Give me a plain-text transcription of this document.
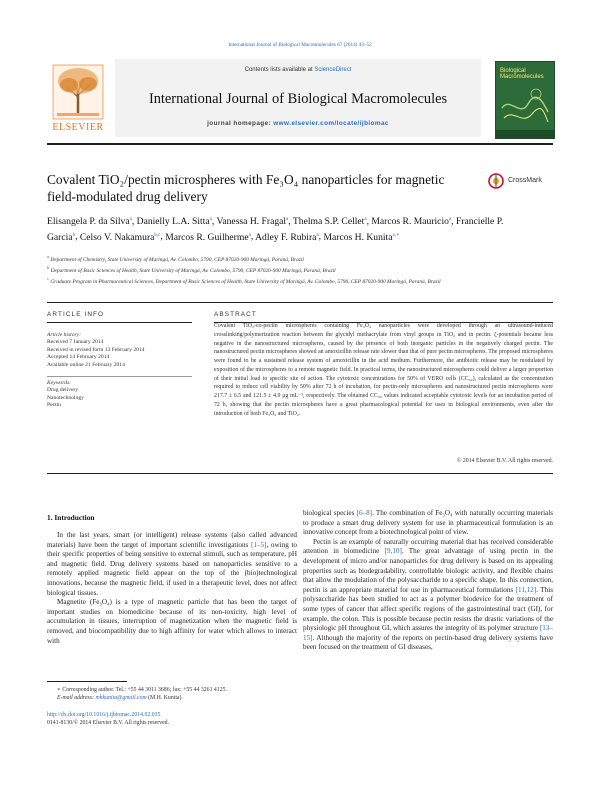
International Journal of Biological Macromolecules 67 (2014) 43–52
ELSEVIER
Contents lists available at ScienceDirect
International Journal of Biological Macromolecules
journal homepage: www.elsevier.com/locate/ijbiomac
Biological Macromolecules
Covalent TiO₂/pectin microspheres with Fe₃O₄ nanoparticles for magnetic field-modulated drug delivery
CrossMark
Elisangela P. da Silva$^a$, Danielly L.A. Sitta$^a$, Vanessa H. Fragal$^a$, Thelma S.P. Cellet$^a$, Marcos R. Mauricio$^a$, Francielle P. Garcia$^b$, Celso V. Nakamura$^{b,c}$, Marcos R. Guilherme$^a$, Adley F. Rubira$^a$, Marcos H. Kunita$^{a,∗}$
$^a$ Department of Chemistry, State University of Maringá, Av. Colombo, 5790, CEP 87020-900 Maringá, Paraná, Brazil
$^b$ Department of Basic Sciences of Health, State University of Maringá, Av. Colombo, 5790, CEP 87020-900 Maringá, Paraná, Brazil
$^c$ Graduate Program in Pharmaceutical Sciences, Department of Basic Sciences of Health, State University of Maringá, Av. Colombo, 5790, CEP 87020-900 Maringá, Paraná, Brazil
ARTICLE INFO	ABSTRACT
Article history:
Received 7 January 2014
Received in revised form 13 February 2014
Accepted 14 February 2014
Available online 21 February 2014
Keywords:
Drug delivery
Nanotechnology
Pectin
Covalent TiO₂-co-pectin microspheres containing Fe₃O₄ nanoparticles were developed through an ultrasound-induced crosslinking/polymerization reaction between the glycidyl methacrylate from vinyl groups in TiO₂ and in pectin. ζ-potentials became less negative in the nanostructured microspheres, caused by the presence of both inorganic particles in the negatively charged pectin. The nanostructured pectin microspheres showed an amoxicillin release rate slower than that of pure pectin microspheres. The proposed microspheres were found to be a sustained release system of amoxicillin in the acid medium. Furthermore, the antibiotic release may be modulated by exposition of the microspheres to a remote magnetic field. In practical terms, the nanostructured microspheres could deliver a larger proportion of their initial load to specific site of action. The cytotoxic concentrations for 50% of VERO cells (CC₅₀), calculated as the concentration required to reduce cell viability by 50% after 72 h of incubation, for pectin-only microspheres and nanostructured pectin microspheres were 217.7 ± 6.5 and 121.5 ± 4.9 μg mL⁻¹, respectively. The obtained CC₅₀ values indicated acceptable cytotoxic levels for an incubation period of 72 h, showing that the pectin microspheres have a great pharmacological potential for uses in biological environments, even after the introduction of both Fe₃O₄ and TiO₂.
© 2014 Elsevier B.V. All rights reserved.
1. Introduction

In the last years, smart (or intelligent) release systems (also called advanced materials) have been the target of important scientific investigations [1–5], owing to their specific properties of being sensitive to external stimuli, such as temperature, pH and magnetic field. Drug delivery systems based on nanoparticles sensitive to a remotely applied magnetic field appear on the top of the (bio)technological innovations, because the magnetic field, if used in a therapeutic level, does not affect biological tissues.

Magnetite (Fe₃O₄) is a type of magnetic particle that has been the target of important studies on biomedicine because of its non-toxicity, high level of accumulation in tissues, interruption of magnetization when the magnetic field is removed, and biocompatibility due to high affinity for water which allows to interact with

biological species [6–8]. The combination of Fe₃O₄ with naturally occurring materials to produce a smart drug delivery system for use in pharmaceutical formulation is an innovative concept from a biotechnological point of view.

Pectin is an example of naturally occurring material that has received considerable attention in biomedicine [9,10]. The great advantage of using pectin in the development of micro and/or nanoparticles for drug delivery is based on its appealing properties such as biodegradability, controllable biologic activity, and flexible chains that allow the modulation of the polysaccharide to a specific shape. In this connection, pectin is an appropriate material for use in pharmaceutical formulations [11,12]. This polysaccharide has been studied to act as a polymer biodevice for the treatment of some types of cancer that affect specific regions of the gastrointestinal tract (GI), for example, the colon. This is possible because pectin resists the drastic variations of the physiologic pH throughout GI, which assures the integrity of its polymer structure [13–15]. Although the majority of the reports on pectin-based drug delivery systems have been focused on the treatment of GI diseases,

∗ Corresponding author. Tel.: +55 44 3011 3686; fax: +55 44 3261 4125.
E-mail address: mhkunita@gmail.com (M.H. Kunita).
http://dx.doi.org/10.1016/j.ijbiomac.2014.02.035
0141-8130/© 2014 Elsevier B.V. All rights reserved.
